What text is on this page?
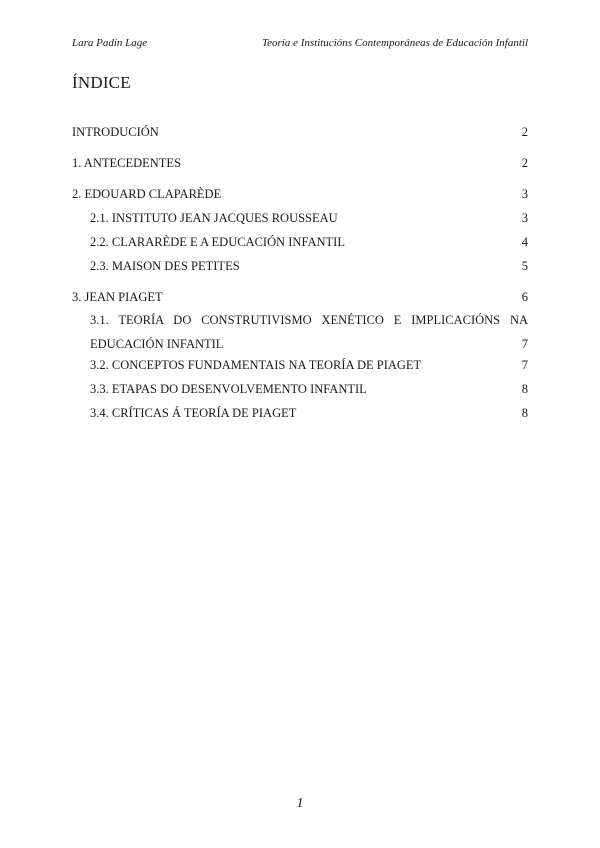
Lara Padín Lage	Teoría e Institucións Contemporáneas de Educación Infantil
ÍNDICE
INTRODUCIÓN	2
1. ANTECEDENTES	2
2. EDOUARD CLAPARÈDE	3
2.1. INSTITUTO JEAN JACQUES ROUSSEAU	3
2.2. CLARARÈDE E A EDUCACIÓN INFANTIL	4
2.3. MAISON DES PETITES	5
3. JEAN PIAGET	6
3.1. TEORÍA DO CONSTRUTIVISMO XENÉTICO E IMPLICACIÓNS NA
EDUCACIÓN INFANTIL	7
3.2. CONCEPTOS FUNDAMENTAIS NA TEORÍA DE PIAGET	7
3.3. ETAPAS DO DESENVOLVEMENTO INFANTIL	8
3.4. CRÍTICAS Á TEORÍA DE PIAGET	8
1
